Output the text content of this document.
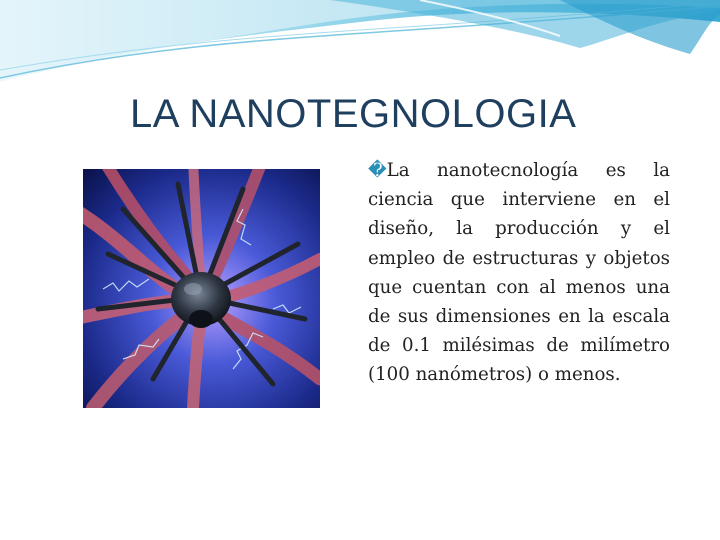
LA NANOTEGNOLOGIA
�La nanotecnología es la ciencia que interviene en el diseño, la producción y el empleo de estructuras y objetos que cuentan con al menos una de sus dimensiones en la escala de 0.1 milésimas de milímetro (100 nanómetros) o menos.
